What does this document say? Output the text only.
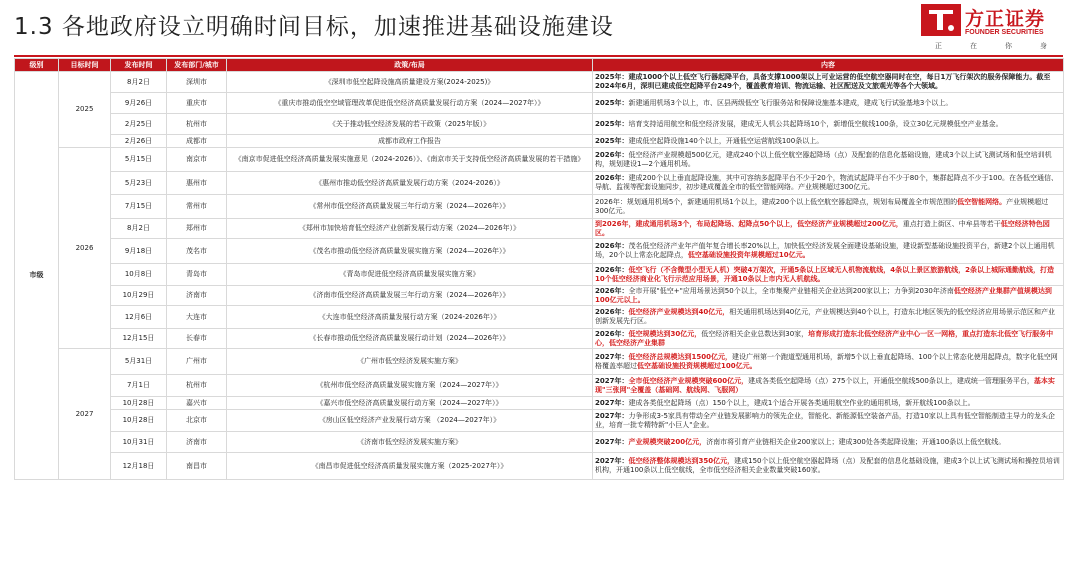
1.3 各地政府设立明确时间目标，加速推进基础设施建设	方正证券
FOUNDER SECURITIES
正	在	你	身
级别	目标时间	发布时间	发布部门/城市	政策/布局	内容
市级	2025	8月2日	深圳市	《深圳市低空起降设施高质量建设方案(2024-2025)》	2025年：建成1000个以上低空飞行器起降平台，具备支撑1000架以上可业运营的低空航空器同时在空，每日1万飞行架次的服务保障能力。截至2024年6月，深圳已建成低空起降平台249个，覆盖教育培训、物流运输、社区配送及文旅观光等各个大领域。
		9月26日	重庆市	《重庆市推动低空空域管理改革促进低空经济高质量发展行动方案（2024—2027年）》	2025年：新建通用机场3个以上，市、区县两级低空飞行服务站和保障设施基本建成，建成飞行试验基地3个以上。
		2月25日	杭州市	《关于推动低空经济发展的若干政策（2025年版）》	2025年：培育支持适用航空和低空经济发展，建成无人机公共起降场10个，新增低空航线100条，设立30亿元规模低空产业基金。
		2月26日	成都市	成都市政府工作报告	2025年：建成低空起降设施140个以上，开通低空运营航线100条以上。
	2026	5月15日	南京市	《南京市促进低空经济高质量发展实施意见（2024-2026）》、《南京市关于支持低空经济高质量发展的若干措施》	2026年：低空经济产业规模超500亿元，建成240个以上低空航空器起降场（点）及配套的信息化基础设施，建成3个以上试飞测试场和低空培训机构，规划建设1—2个通用机场。
		5月23日	惠州市	《惠州市推动低空经济高质量发展行动方案（2024-2026）》	2026年：建成200个以上垂直起降设施，其中可容纳多起降平台不少于20个，物流试起降平台不少于80个，集群起降点不少于100。在各低空通信、导航、监视等配套设施同步，初步建成覆盖全市的低空智能网络。产业规模超过300亿元。
		7月15日	常州市	《常州市低空经济高质量发展三年行动方案（2024—2026年）》	2026年：规划通用机场5个，新建通用机场1个以上，建成200个以上低空航空器起降点，规划布局覆盖全市规范围的低空智能网络。产业规模超过300亿元。
		8月2日	郑州市	《郑州市加快培育低空经济产业创新发展行动方案（2024—2026年）》	到2026年，建成通用机场3个，布局起降场、起降点50个以上，低空经济产业规模超过200亿元，重点打造上街区、中牟县等若干低空经济特色园区。
		9月18日	茂名市	《茂名市推动低空经济高质量发展实施方案（2024—2026年）》	2026年：茂名低空经济产业年产值年复合增长率20%以上，加快低空经济发展全面建设基础设施，建设新型基础设施投资平台，新建2个以上通用机场，20个以上常态化起降点，低空基础设施投资年规模超过10亿元。
		10月8日	青岛市	《青岛市促进低空经济高质量发展实施方案》	2026年：低空飞行（不含微型小型无人机）突破4万架次，开通5条以上区域无人机物流航线，4条以上景区旅游航线，2条以上城际通勤航线，打造10个低空经济商业化飞行示范应用场景，开通10条以上市内无人机航线。
		10月29日	济南市	《济南市低空经济高质量发展三年行动方案（2024—2026年）》	2026年：全市开展"低空+"应用场景达到50个以上，全市集聚产业链相关企业达到200家以上；力争到2030年济南低空经济产业集群产值规模达到100亿元以上。
		12月6日	大连市	《大连市低空经济高质量发展行动方案（2024-2026年）》	2026年：低空经济产业规模达到40亿元，相关通用机场达到40亿元，产业规模达到40个以上，打造东北地区领先的低空经济应用场景示范区和产业创新发展先行区。
		12月15日	长春市	《长春市推动低空经济高质量发展行动计划（2024—2026年）》	2026年：低空规模达到30亿元，低空经济相关企业总数达到30家，培育形成打造东北低空经济产业中心一区一网格，重点打造东北低空飞行服务中心，低空经济产业集群
	2027	5月31日	广州市	《广州市低空经济发展实施方案》	2027年：低空经济总规模达到1500亿元，建设广州第一个跑道型通用机场，新增5个以上垂直起降场、100个以上常态化使用起降点，数字化低空网格覆盖率超过低空基础设施投资规模超过100亿元。
		7月1日	杭州市	《杭州市低空经济高质量发展实施方案（2024—2027年）》	2027年：全市低空经济产业规模突破600亿元，建成各类低空起降场（点）275个以上，开通低空航线500条以上，建成统一管理服务平台，基本实现"三张网"全覆盖（基础网、航线网、飞服网）
		10月28日	嘉兴市	《嘉兴市低空经济高质量发展行动方案（2024—2027年）》	2027年：建成各类低空起降场（点）150个以上，建成1个适合开展各类通用航空作业的通用机场，新开航线100条以上。
		10月28日	北京市	《房山区低空经济产业发展行动方案 （2024—2027年）》	2027年：力争形成3-5家具有带动全产业链发展影响力的领先企业，智能化、新能源低空装备产品，打造10家以上具有低空智能制造主导力的龙头企业，培育一批专精特新"小巨人"企业。
		10月31日	济南市	《济南市低空经济发展实施方案》	2027年：产业规模突破200亿元，济南市将引育产业链相关企业200家以上；建成300处各类起降设施；开通100条以上低空航线。
		12月18日	南昌市	《南昌市促进低空经济高质量发展实施方案（2025-2027年）》	2027年：低空经济整体规模达到350亿元，建成150个以上低空航空器起降场（点）及配套的信息化基础设施，建成3个以上试飞测试场和操控员培训机构，开通100条以上低空航线，全市低空经济相关企业数量突破160家。
